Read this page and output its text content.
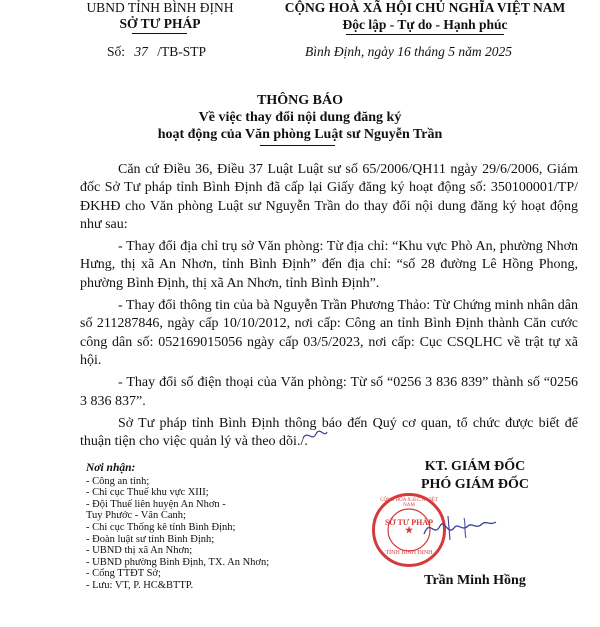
UBND TỈNH BÌNH ĐỊNH
SỞ TƯ PHÁP
CỘNG HOÀ XÃ HỘI CHỦ NGHĨA VIỆT NAM
Độc lập - Tự do - Hạnh phúc
Số: 37 /TB-STP	Bình Định, ngày 16 tháng 5 năm 2025
THÔNG BÁO
Về việc thay đổi nội dung đăng ký
hoạt động của Văn phòng Luật sư Nguyễn Trần

Căn cứ Điều 36, Điều 37 Luật Luật sư số 65/2006/QH11 ngày 29/6/2006, Giám đốc Sở Tư pháp tỉnh Bình Định đã cấp lại Giấy đăng ký hoạt động số: 350100001/TP/ĐKHĐ cho Văn phòng Luật sư Nguyễn Trần do thay đổi nội dung đăng ký hoạt động như sau:

- Thay đổi địa chỉ trụ sở Văn phòng: Từ địa chỉ: “Khu vực Phò An, phường Nhơn Hưng, thị xã An Nhơn, tỉnh Bình Định” đến địa chỉ: “số 28 đường Lê Hồng Phong, phường Bình Định, thị xã An Nhơn, tỉnh Bình Định”.

- Thay đổi thông tin của bà Nguyễn Trần Phương Thảo: Từ Chứng minh nhân dân số 211287846, ngày cấp 10/10/2012, nơi cấp: Công an tỉnh Bình Định thành Căn cước công dân số: 052169015056 ngày cấp 03/5/2023, nơi cấp: Cục CSQLHC về trật tự xã hội.

- Thay đổi số điện thoại của Văn phòng: Từ số “0256 3 836 839” thành số “0256 3 836 837”.

Sở Tư pháp tỉnh Bình Định thông báo đến Quý cơ quan, tổ chức được biết để thuận tiện cho việc quản lý và theo dõi./.

Nơi nhận:
- Công an tỉnh;
- Chi cục Thuế khu vực XIII;
- Đội Thuế liên huyện An Nhơn -
Tuy Phước - Vân Canh;
- Chi cục Thống kê tỉnh Bình Định;
- Đoàn luật sư tỉnh Bình Định;
- UBND thị xã An Nhơn;
- UBND phường Bình Định, TX. An Nhơn;
- Cổng TTĐT Sở;
- Lưu: VT, P. HC&BTTP.
KT. GIÁM ĐỐC
PHÓ GIÁM ĐỐC
★
SỞ TƯ PHÁP
CỘNG HÒA X.H.C.N VIỆT NAM
TỈNH BÌNH ĐỊNH
Trần Minh Hồng
